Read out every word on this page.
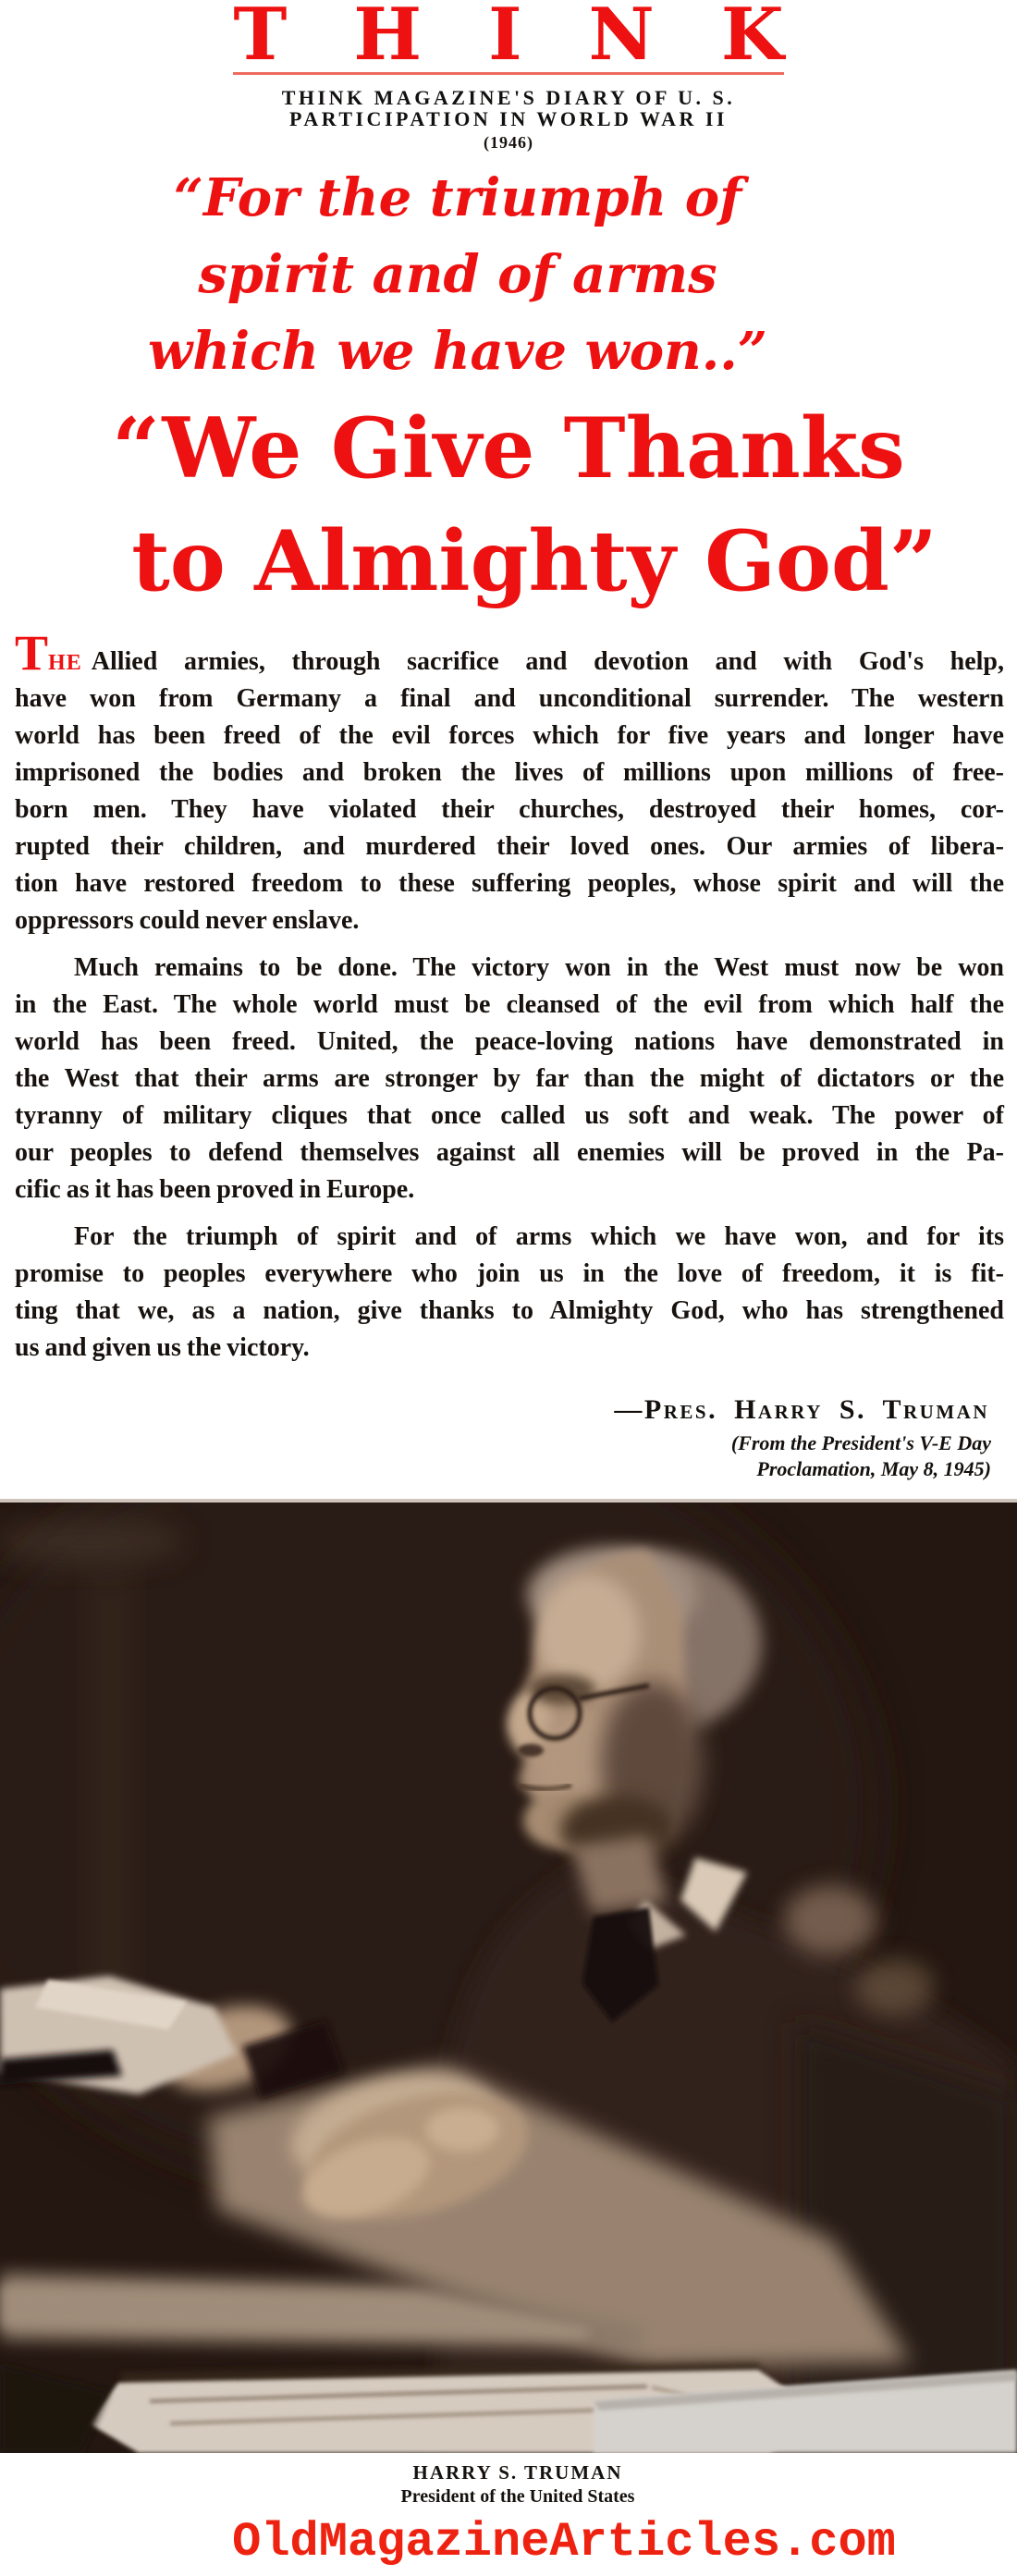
THINK
THINK MAGAZINE'S DIARY OF U. S.
PARTICIPATION IN WORLD WAR II
(1946)
“For the triumph of
spirit and of arms
which we have won..”
“We Give Thanks
to Almighty God”
THE Allied armies, through sacrifice and devotion and with God's help,
have won from Germany a final and unconditional surrender. The western
world has been freed of the evil forces which for five years and longer have
imprisoned the bodies and broken the lives of millions upon millions of free-
born men. They have violated their churches, destroyed their homes, cor-
rupted their children, and murdered their loved ones. Our armies of libera-
tion have restored freedom to these suffering peoples, whose spirit and will the
oppressors could never enslave.
Much remains to be done. The victory won in the West must now be won
in the East. The whole world must be cleansed of the evil from which half the
world has been freed. United, the peace-loving nations have demonstrated in
the West that their arms are stronger by far than the might of dictators or the
tyranny of military cliques that once called us soft and weak. The power of
our peoples to defend themselves against all enemies will be proved in the Pa-
cific as it has been proved in Europe.
For the triumph of spirit and of arms which we have won, and for its
promise to peoples everywhere who join us in the love of freedom, it is fit-
ting that we, as a nation, give thanks to Almighty God, who has strengthened
us and given us the victory.
—Pres. Harry S. Truman
(From the President's V-E Day
Proclamation, May 8, 1945)
HARRY S. TRUMAN
President of the United States
OldMagazineArticles.com
